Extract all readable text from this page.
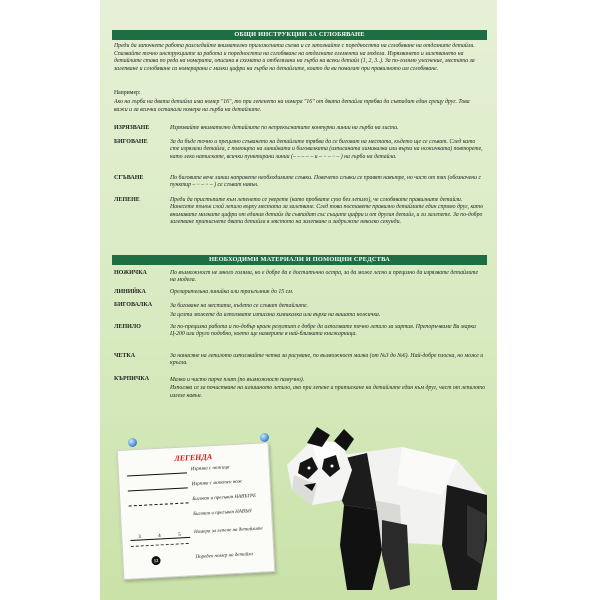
ОБЩИ ИНСТРУКЦИИ ЗА СГЛОБЯВАНЕ

Преди да започнете работа разгледайте внимателно приложената схема и се запознайте с поредността на сглобяване на отделните детайли. Спазвайте точно инструкциите за работа и поредността на сглобяване на отделните елементи на модела. Изрязването и залепването на детайлите става по реда на номерата, описани в схемата и отбелязани на гърба на всеки детайл (1, 2, 3..). За по-голямо улеснение, местата за залепване и сглобяване са номерирани с малки цифри на гърба на детайлите, които да ви помагат при правилното им сглобяване.

Например:

Ако на гърба на двата детайла има номер "16", то при лепенето на номера "16" от двата детайла трябва да съвпадат един срещу друг. Това важи и за всички останали номера на гърба на детайлите.

ИЗРЯЗВАНЕ	Изрязвайте внимателно детайлите по непрекъснатите контурни линии на гърба на листа.
БИГОВАНЕ	За да бъде точно и прецизно сгъването на детайлите трябва да се биговат на местата, където ще се сгъват. След като сте изрязали детайла, с помощта на линийката и биговалката (изписаната химикалка или върха на ножичката) повторете, като леко натискате, всички пунктирани линии (– – – – – и – ·· – ·· – ) на гърба на детайла.
СГЪВАНЕ	По биговите вече линии направете необходимите сгъвки. Повечето сгъвки се правят навътре, но част от тях (обозначени с пунктир – ·· – ·· – ) се сгъват навън.
ЛЕПЕНЕ	Преди да пристъпите към лепенето се уверете (като пробвате сухо без лепило), че сглобявате правилните детайли. Нанесете тънък слой лепило върху местата за залепване. След това поставете правилно детайлите един спрямо друг, като внимавате малките цифри от единия детайл да съвпадат със същите цифри и от другия детайл, и ги залепете. За по-добро залепване притиснете двата детайла в мястото на залепване и задръжте няколко секунди.
НЕОБХОДИМИ МАТЕРИАЛИ И ПОМОЩНИ СРЕДСТВА
НОЖИЧКА	По възможност не много голяма, но е добре да е достатъчно остра, за да може лесно и прецизно да изрязвате детайлите на модела.
ЛИНИЙКА	Орезарительна линийка или триъгълник до 15 см.
БИГОВАЛКА	За биговане на местата, където се сгъват детайлите.
За целта можете да използвате изписана химикалка или върха на вашата ножичка.
ЛЕПИЛО	За по-прецизна работа и по-добър краен резултат е добре да използвате течно лепило за хартия. Препоръчваме Ви марка Ц-200 или друго подобно, което ще намерите в най-близката книжарница.
ЧЕТКА	За нанасяне на лепилото използвайте четка за рисуване, по възможност малка (от №3 до №6). Най-добре плоска, но може и кръгла.
КЪРПИЧКА	Малко и чисто парче плат (по възможност памучно).
Използва се за почистване на излишното лепило, ако при лепене и притискане на детайлите един към друг, част от лепилото излезе навън.
ЛЕГЕНДА
Изрязва с ножица
Изрязва с макетен нож
Бигован и прегъван НАВЪТРЕ
Бигован и прегъван НАВЪН
3	4	5
Номера за лепене на детайлите
12
Пореден номер на детайла
